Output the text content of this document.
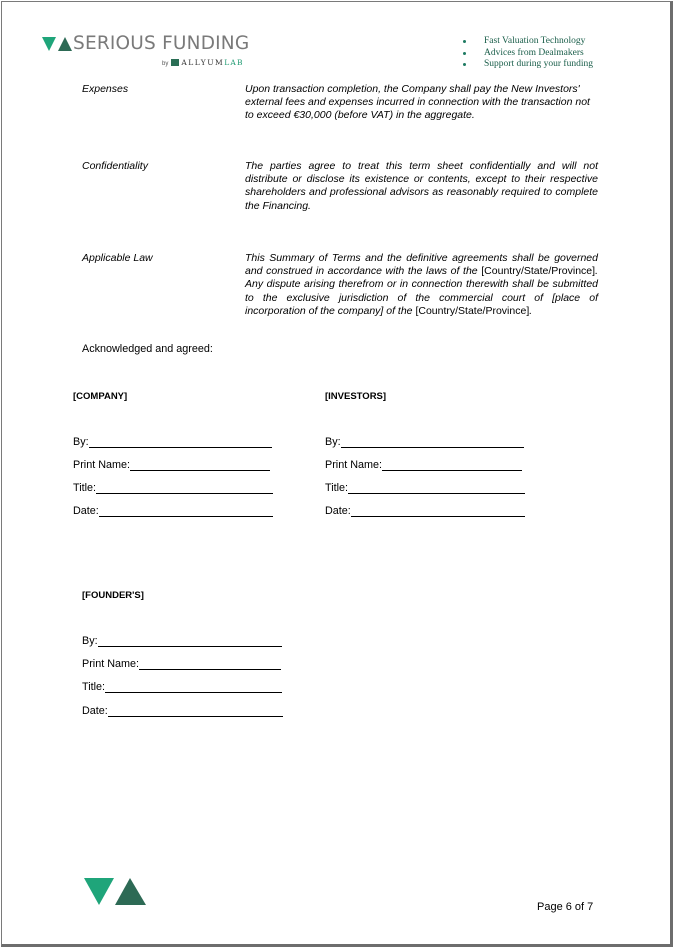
SERIOUS FUNDING
by ALLYUMLAB
Fast Valuation Technology
Advices from Dealmakers
Support during your funding
Expenses	Upon transaction completion, the Company shall pay the New Investors' external fees and expenses incurred in connection with the transaction not to exceed €30,000 (before VAT) in the aggregate.
Confidentiality	The parties agree to treat this term sheet confidentially and will not distribute or disclose its existence or contents, except to their respective shareholders and professional advisors as reasonably required to complete the Financing.
Applicable Law	This Summary of Terms and the definitive agreements shall be governed and construed in accordance with the laws of the [Country/State/Province]. Any dispute arising therefrom or in connection therewith shall be submitted to the exclusive jurisdiction of the commercial court of [place of incorporation of the company] of the [Country/State/Province].
Acknowledged and agreed:
[COMPANY]
By:
Print Name:
Title:
Date:
[INVESTORS]
By:
Print Name:
Title:
Date:
[FOUNDER'S]
By:
Print Name:
Title:
Date:
Page 6 of 7
